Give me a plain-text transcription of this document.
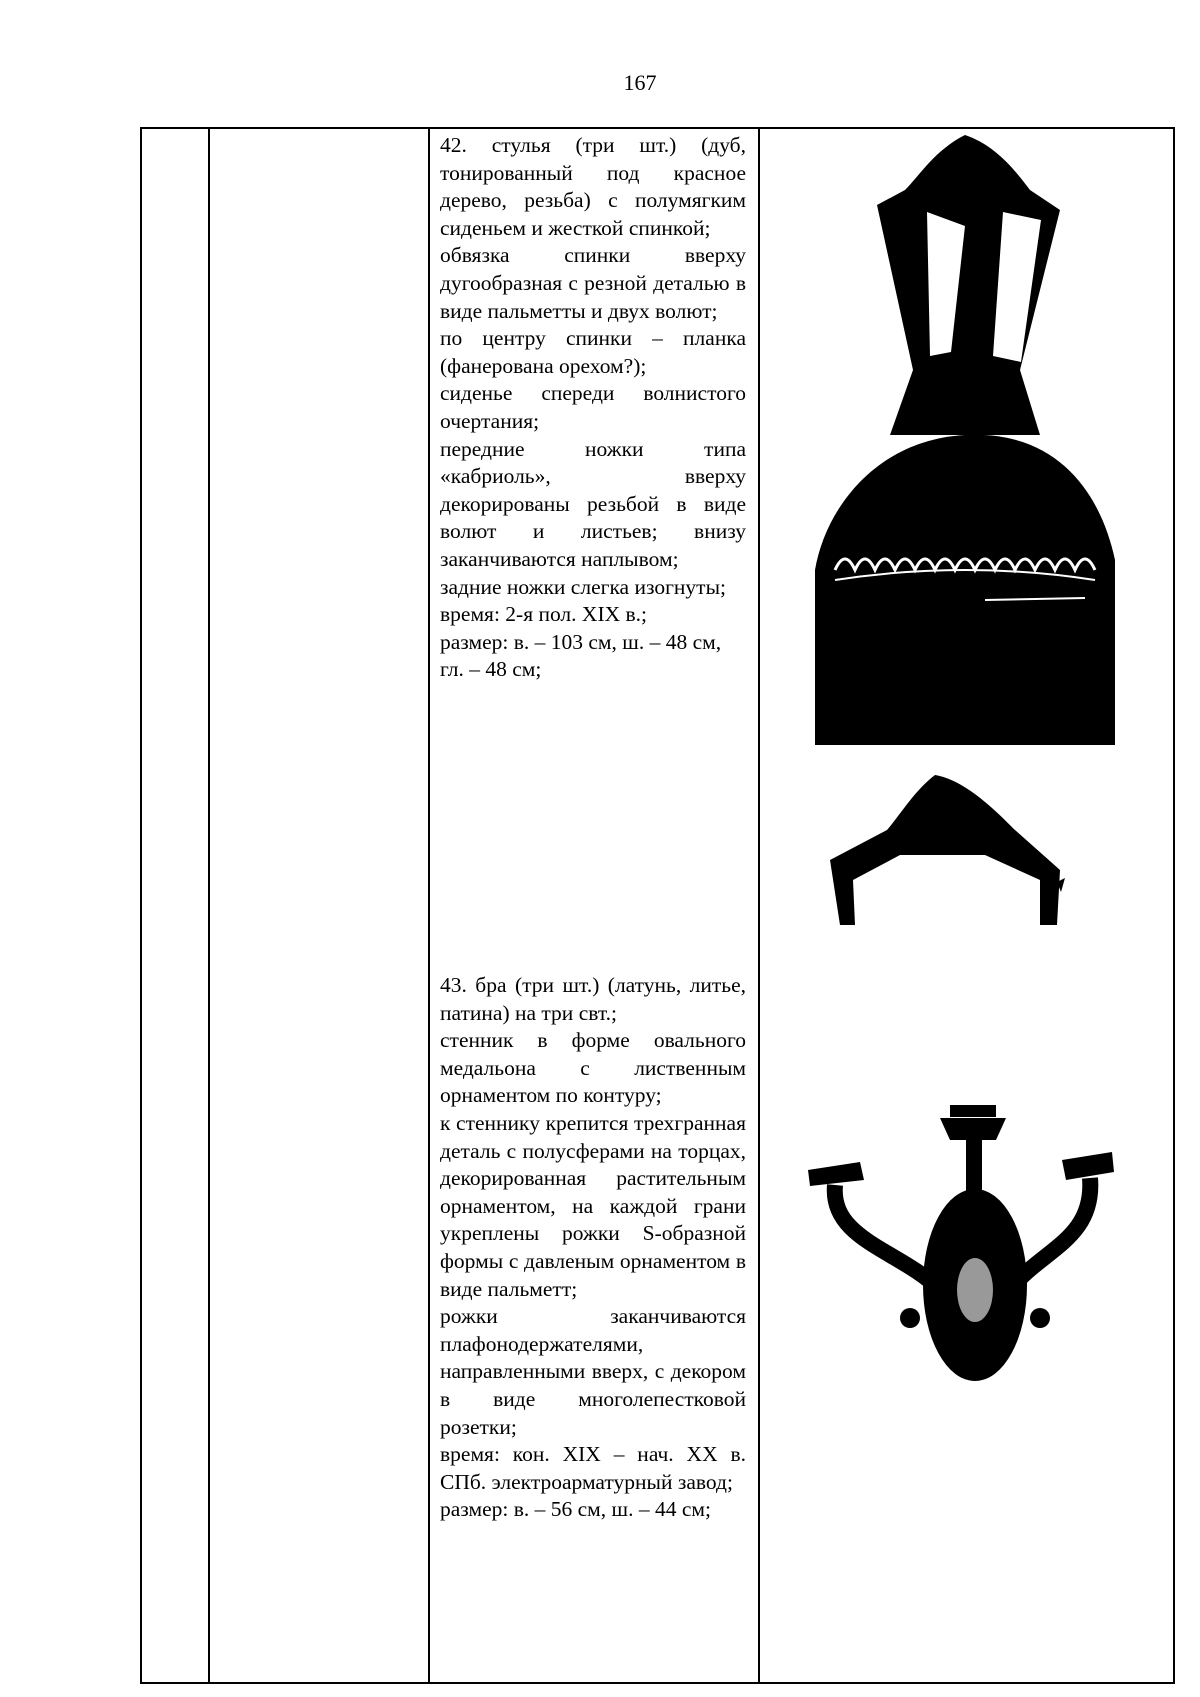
167

42. стулья (три шт.) (дуб, тонированный под красное дерево, резьба) с полумягким сиденьем и жесткой спинкой;

обвязка спинки вверху дугообразная с резной деталью в виде пальметты и двух волют;

по центру спинки – планка (фанерована орехом?);

сиденье спереди волнистого очертания;

передние ножки типа «кабриоль», вверху декорированы резьбой в виде волют и листьев; внизу заканчиваются наплывом;

задние ножки слегка изогнуты;

время: 2-я пол. XIX в.;

размер: в. – 103 см, ш. – 48 см, гл. – 48 см;

43. бра (три шт.) (латунь, литье, патина) на три свт.;

стенник в форме овального медальона с лиственным орнаментом по контуру;

к стеннику крепится трехгранная деталь с полусферами на торцах, декорированная растительным орнаментом, на каждой грани укреплены рожки S-образной формы с давленым орнаментом в виде пальметт;

рожки заканчиваются плафонодержателями, направленными вверх, с декором в виде многолепестковой розетки;

время: кон. XIX – нач. XX в. СПб. электроарматурный завод;

размер: в. – 56 см, ш. – 44 см;
